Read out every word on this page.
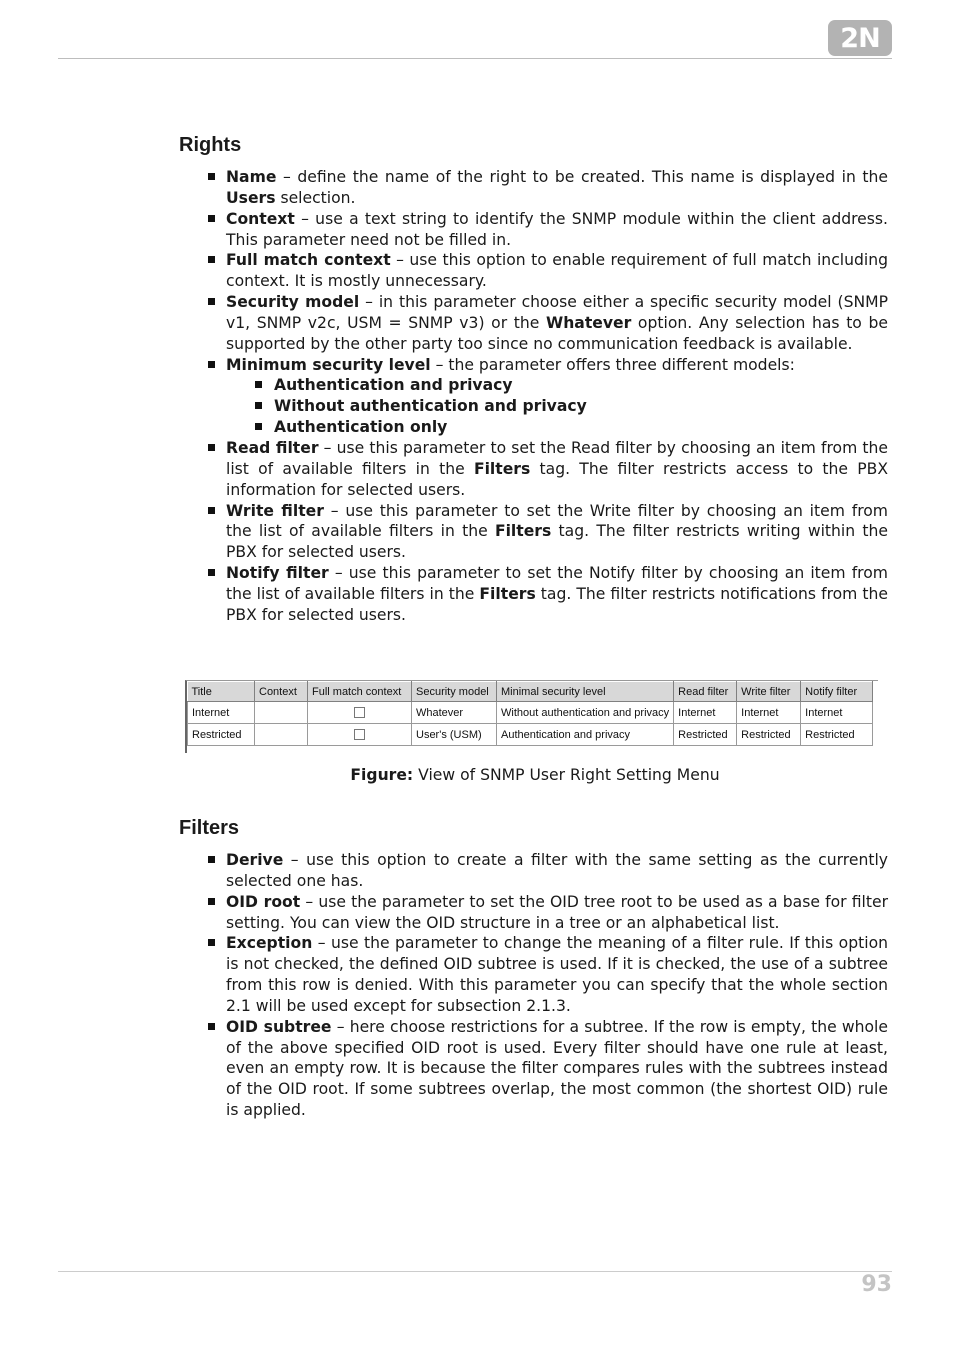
2N
Rights
Name – define the name of the right to be created. This name is displayed in the Users selection.
Context – use a text string to identify the SNMP module within the client address. This parameter need not be filled in.
Full match context – use this option to enable requirement of full match including context. It is mostly unnecessary.
Security model – in this parameter choose either a specific security model (SNMP v1, SNMP v2c, USM = SNMP v3) or the Whatever option. Any selection has to be supported by the other party too since no communication feedback is available.
Minimum security level – the parameter offers three different models:
Authentication and privacy
Without authentication and privacy
Authentication only
Read filter – use this parameter to set the Read filter by choosing an item from the list of available filters in the Filters tag. The filter restricts access to the PBX information for selected users.
Write filter – use this parameter to set the Write filter by choosing an item from the list of available filters in the Filters tag. The filter restricts writing within the PBX for selected users.
Notify filter – use this parameter to set the Notify filter by choosing an item from the list of available filters in the Filters tag. The filter restricts notifications from the PBX for selected users.
Title	Context	Full match context	Security model	Minimal security level	Read filter	Write filter	Notify filter
Internet			Whatever	Without authentication and privacy	Internet	Internet	Internet
Restricted			User's (USM)	Authentication and privacy	Restricted	Restricted	Restricted
Figure: View of SNMP User Right Setting Menu
Filters
Derive – use this option to create a filter with the same setting as the currently selected one has.
OID root – use the parameter to set the OID tree root to be used as a base for filter setting. You can view the OID structure in a tree or an alphabetical list.
Exception – use the parameter to change the meaning of a filter rule. If this option is not checked, the defined OID subtree is used. If it is checked, the use of a subtree from this row is denied. With this parameter you can specify that the whole section 2.1 will be used except for subsection 2.1.3.
OID subtree – here choose restrictions for a subtree. If the row is empty, the whole of the above specified OID root is used. Every filter should have one rule at least, even an empty row. It is because the filter compares rules with the subtrees instead of the OID root. If some subtrees overlap, the most common (the shortest OID) rule is applied.
93
